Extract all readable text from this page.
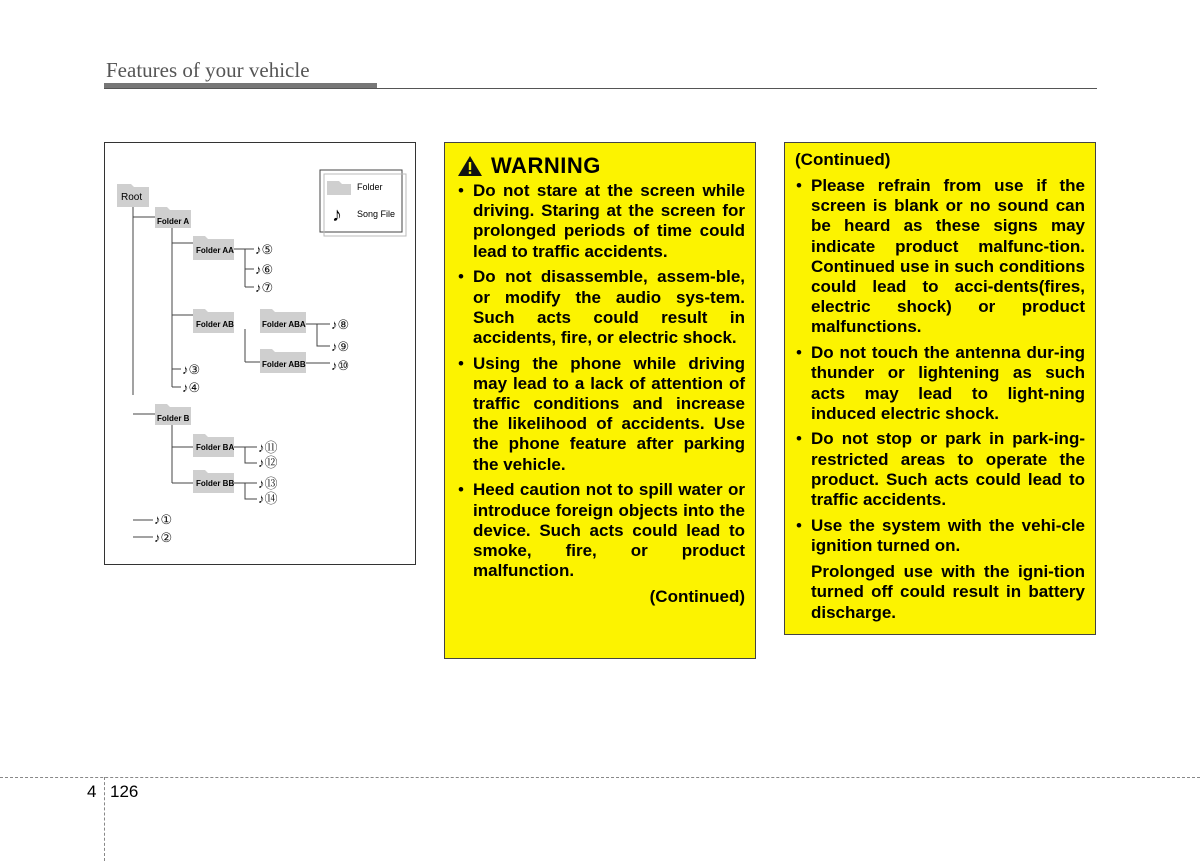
Features of your vehicle
Folder
♪ Song File
Root
Folder A
Folder AA
Folder AB	Folder ABA
Folder ABB
Folder B
Folder BA
Folder BB
♪⑤
♪⑥
♪⑦
♪⑧
♪⑨
♪⑩
♪③
♪④
♪⑪
♪⑫
♪⑬
♪⑭
♪①
♪②
WARNING
• Do not stare at the screen while driving. Staring at the screen for prolonged periods of time could lead to traffic accidents.
• Do not disassemble, assem-ble, or modify the audio sys-tem. Such acts could result in accidents, fire, or electric shock.
• Using the phone while driving may lead to a lack of attention of traffic conditions and increase the likelihood of accidents. Use the phone feature after parking the vehicle.
• Heed caution not to spill water or introduce foreign objects into the device. Such acts could lead to smoke, fire, or product malfunction.
(Continued)
(Continued)
• Please refrain from use if the screen is blank or no sound can be heard as these signs may indicate product malfunc-tion. Continued use in such conditions could lead to acci-dents(fires, electric shock) or product malfunctions.
• Do not touch the antenna dur-ing thunder or lightening as such acts may lead to light-ning induced electric shock.
• Do not stop or park in park-ing-restricted areas to operate the product. Such acts could lead to traffic accidents.
• Use the system with the vehi-cle ignition turned on.
Prolonged use with the igni-tion turned off could result in battery discharge.
4 126
